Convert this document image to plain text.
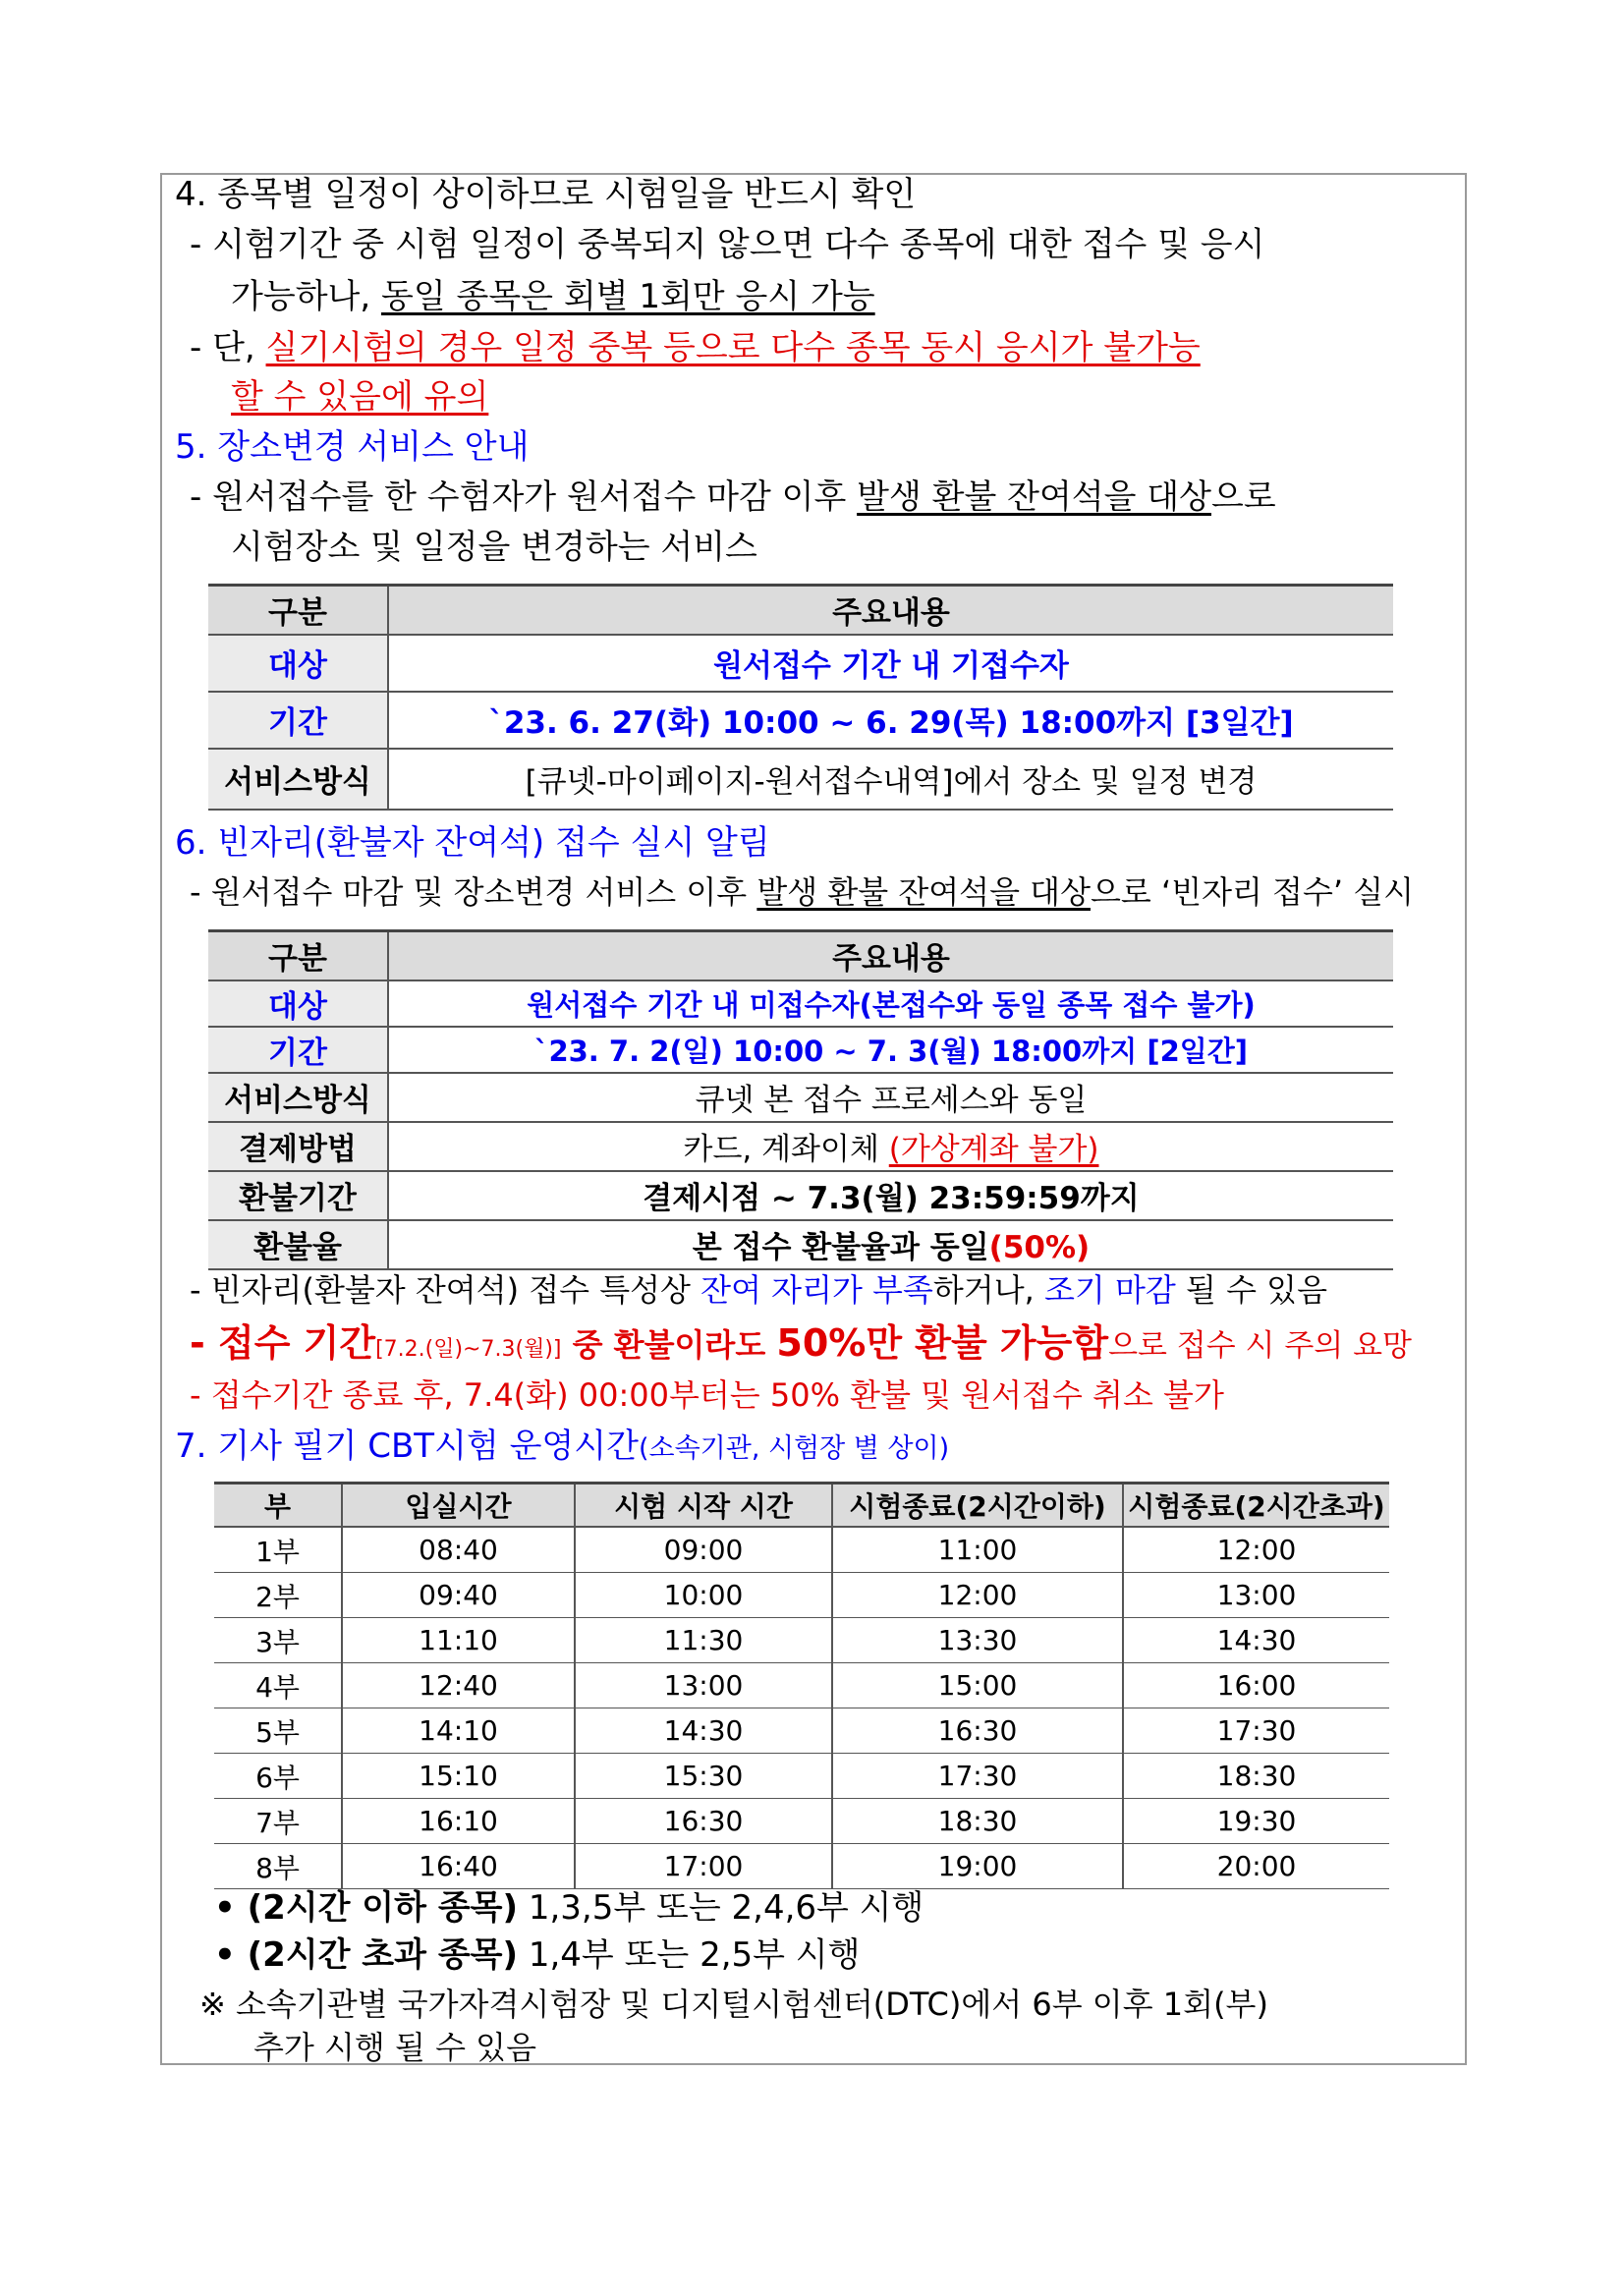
4. 종목별 일정이 상이하므로 시험일을 반드시 확인
- 시험기간 중 시험 일정이 중복되지 않으면 다수 종목에 대한 접수 및 응시
가능하나, 동일 종목은 회별 1회만 응시 가능
- 단, 실기시험의 경우 일정 중복 등으로 다수 종목 동시 응시가 불가능
할 수 있음에 유의
5. 장소변경 서비스 안내
- 원서접수를 한 수험자가 원서접수 마감 이후 발생 환불 잔여석을 대상으로
시험장소 및 일정을 변경하는 서비스
구분	주요내용
대상	원서접수 기간 내 기접수자
기간	`23. 6. 27(화) 10:00 ~ 6. 29(목) 18:00까지 [3일간]
서비스방식	[큐넷-마이페이지-원서접수내역]에서 장소 및 일정 변경
6. 빈자리(환불자 잔여석) 접수 실시 알림
- 원서접수 마감 및 장소변경 서비스 이후 발생 환불 잔여석을 대상으로 ‘빈자리 접수’ 실시
구분	주요내용
대상	원서접수 기간 내 미접수자(본접수와 동일 종목 접수 불가)
기간	`23. 7. 2(일) 10:00 ~ 7. 3(월) 18:00까지 [2일간]
서비스방식	큐넷 본 접수 프로세스와 동일
결제방법	카드, 계좌이체 (가상계좌 불가)
환불기간	결제시점 ~ 7.3(월) 23:59:59까지
환불율	본 접수 환불율과 동일(50%)
- 빈자리(환불자 잔여석) 접수 특성상 잔여 자리가 부족하거나, 조기 마감 될 수 있음
- 접수 기간[7.2.(일)~7.3(월)] 중 환불이라도 50%만 환불 가능함으로 접수 시 주의 요망
- 접수기간 종료 후, 7.4(화) 00:00부터는 50% 환불 및 원서접수 취소 불가
7. 기사 필기 CBT시험 운영시간(소속기관, 시험장 별 상이)
부	입실시간	시험 시작 시간	시험종료(2시간이하)	시험종료(2시간초과)
1부	08:40	09:00	11:00	12:00
2부	09:40	10:00	12:00	13:00
3부	11:10	11:30	13:30	14:30
4부	12:40	13:00	15:00	16:00
5부	14:10	14:30	16:30	17:30
6부	15:10	15:30	17:30	18:30
7부	16:10	16:30	18:30	19:30
8부	16:40	17:00	19:00	20:00
• (2시간 이하 종목) 1,3,5부 또는 2,4,6부 시행
• (2시간 초과 종목) 1,4부 또는 2,5부 시행
※ 소속기관별 국가자격시험장 및 디지털시험센터(DTC)에서 6부 이후 1회(부)
추가 시행 될 수 있음
